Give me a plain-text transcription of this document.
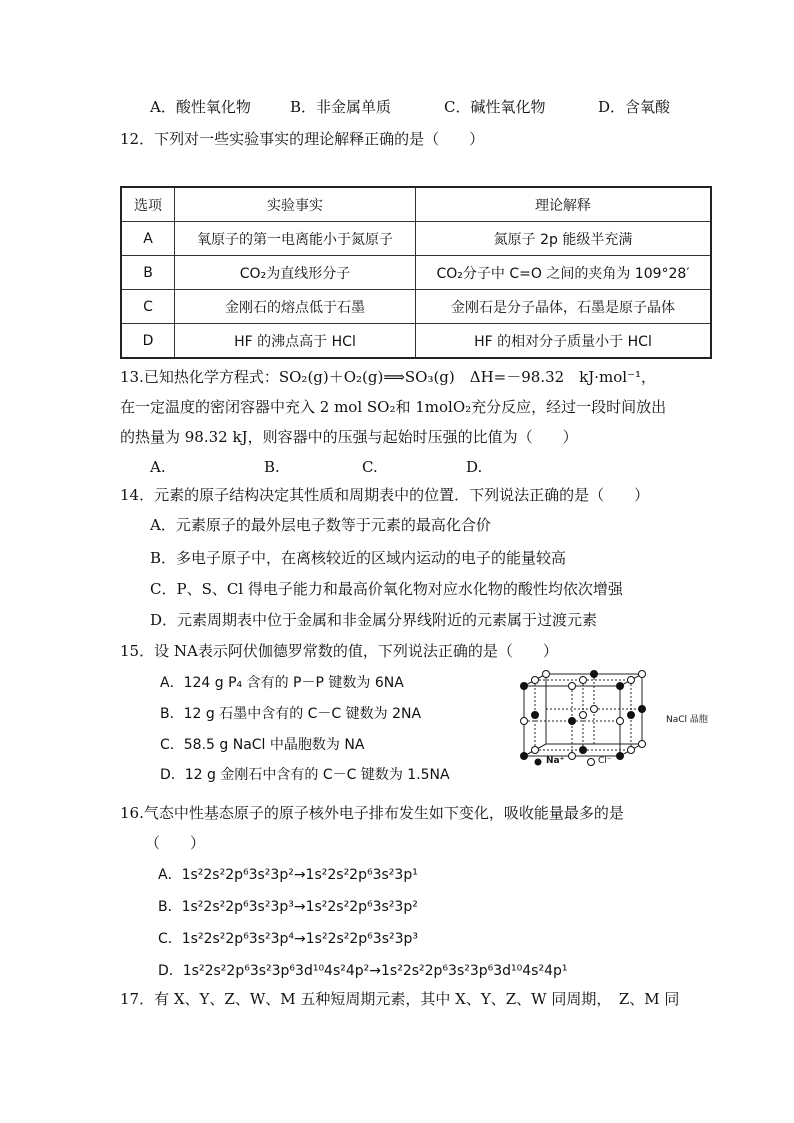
A．酸性氧化物	B．非金属单质	C．碱性氧化物	D．含氧酸
12．下列对一些实验事实的理论解释正确的是（　　）
选项	实验事实	理论解释
A	氧原子的第一电离能小于氮原子	氮原子 2p 能级半充满
B	CO₂为直线形分子	CO₂分子中 C=O 之间的夹角为 109°28′
C	金刚石的熔点低于石墨	金刚石是分子晶体，石墨是原子晶体
D	HF 的沸点高于 HCl	HF 的相对分子质量小于 HCl
13.已知热化学方程式：SO₂(g)＋O₂(g)⟹SO₃(g)　ΔH=－98.32　kJ·mol⁻¹，
在一定温度的密闭容器中充入 2 mol SO₂和 1molO₂充分反应，经过一段时间放出
的热量为 98.32 kJ，则容器中的压强与起始时压强的比值为（　　）
A.	B.	C.	D.
14．元素的原子结构决定其性质和周期表中的位置．下列说法正确的是（　　）
A．元素原子的最外层电子数等于元素的最高化合价
B．多电子原子中，在离核较近的区域内运动的电子的能量较高
C．P、S、Cl 得电子能力和最高价氧化物对应水化物的酸性均依次增强
D．元素周期表中位于金属和非金属分界线附近的元素属于过渡元素
15．设 NA表示阿伏伽德罗常数的值，下列说法正确的是（　　）
A．124 g P₄ 含有的 P－P 键数为 6NA
B．12 g 石墨中含有的 C－C 键数为 2NA
C．58.5 g NaCl 中晶胞数为 NA
D．12 g 金刚石中含有的 C－C 键数为 1.5NA
NaCl 晶胞
Na⁺	Cl⁻
16.气态中性基态原子的原子核外电子排布发生如下变化，吸收能量最多的是
（　　）
A．1s²2s²2p⁶3s²3p²→1s²2s²2p⁶3s²3p¹
B．1s²2s²2p⁶3s²3p³→1s²2s²2p⁶3s²3p²
C．1s²2s²2p⁶3s²3p⁴→1s²2s²2p⁶3s²3p³
D．1s²2s²2p⁶3s²3p⁶3d¹⁰4s²4p²→1s²2s²2p⁶3s²3p⁶3d¹⁰4s²4p¹
17．有 X、Y、Z、W、M 五种短周期元素，其中 X、Y、Z、W 同周期，　Z、M 同
